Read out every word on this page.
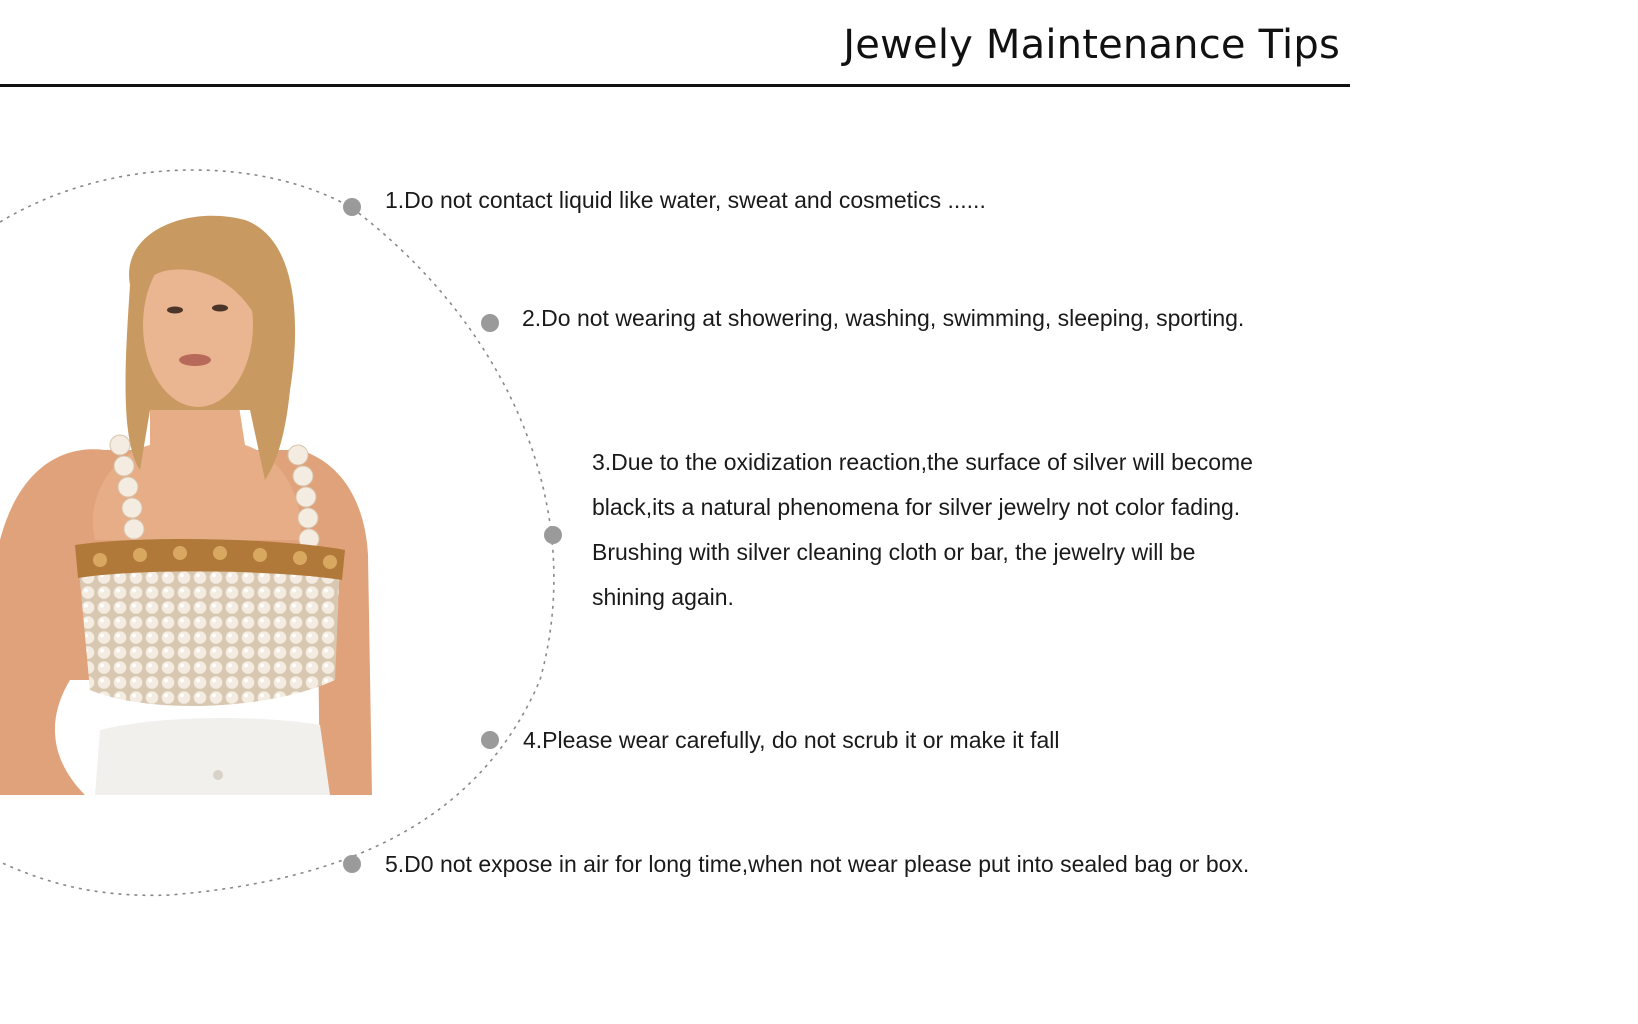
Jewely Maintenance Tips

1.Do not contact liquid like water, sweat and cosmetics ......

2.Do not wearing at showering, washing, swimming, sleeping, sporting.

3.Due to the oxidization reaction,the surface of silver will become black,its a natural phenomena for silver jewelry not color fading. Brushing with silver cleaning cloth or bar, the jewelry will be shining again.

4.Please wear carefully, do not scrub it or make it fall

5.D0 not expose in air for long time,when not wear please put into sealed bag or box.
